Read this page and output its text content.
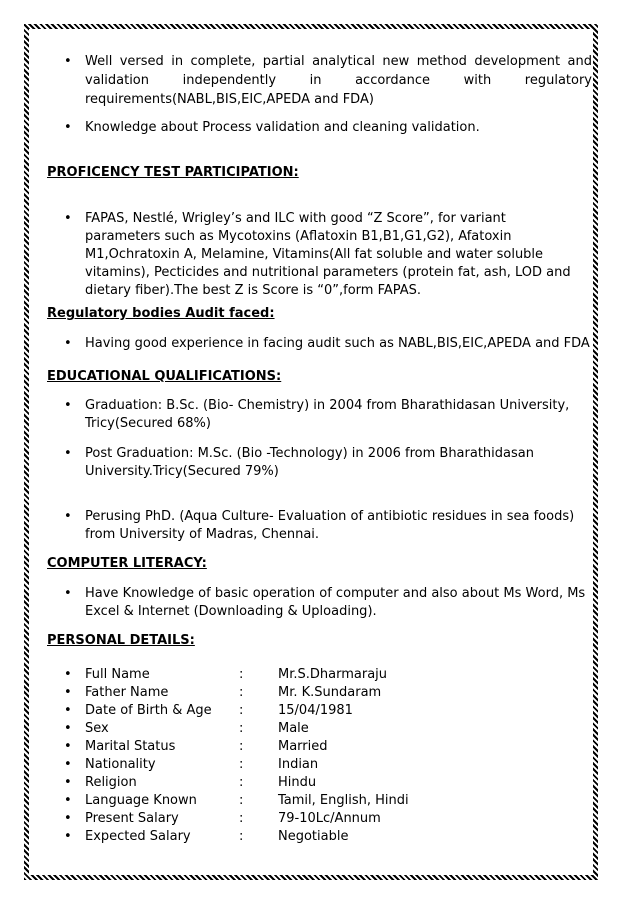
• Well versed in complete, partial analytical new method development and
validation independently in accordance with regulatory
requirements(NABL,BIS,EIC,APEDA and FDA)
• Knowledge about Process validation and cleaning validation.
PROFICENCY TEST PARTICIPATION:
• FAPAS, Nestlé, Wrigley’s and ILC with good “Z Score”, for variant
parameters such as Mycotoxins (Aflatoxin B1,B1,G1,G2), Afatoxin
M1,Ochratoxin A, Melamine, Vitamins(All fat soluble and water soluble
vitamins), Pecticides and nutritional parameters (protein fat, ash, LOD and
dietary fiber).The best Z is Score is “0”,form FAPAS.
Regulatory bodies Audit faced:
• Having good experience in facing audit such as NABL,BIS,EIC,APEDA and FDA
EDUCATIONAL QUALIFICATIONS:
• Graduation: B.Sc. (Bio- Chemistry) in 2004 from Bharathidasan University,
Tricy(Secured 68%)
• Post Graduation: M.Sc. (Bio -Technology) in 2006 from Bharathidasan
University.Tricy(Secured 79%)
• Perusing PhD. (Aqua Culture- Evaluation of antibiotic residues in sea foods)
from University of Madras, Chennai.
COMPUTER LITERACY:
• Have Knowledge of basic operation of computer and also about Ms Word, Ms
Excel & Internet (Downloading & Uploading).
PERSONAL DETAILS:
• Full Name	:	Mr.S.Dharmaraju
• Father Name	:	Mr. K.Sundaram
• Date of Birth & Age :	15/04/1981
• Sex	:	Male
• Marital Status	:	Married
• Nationality	:	Indian
• Religion	:	Hindu
• Language Known	:	Tamil, English, Hindi
• Present Salary	:	79-10Lc/Annum
• Expected Salary	:	Negotiable
